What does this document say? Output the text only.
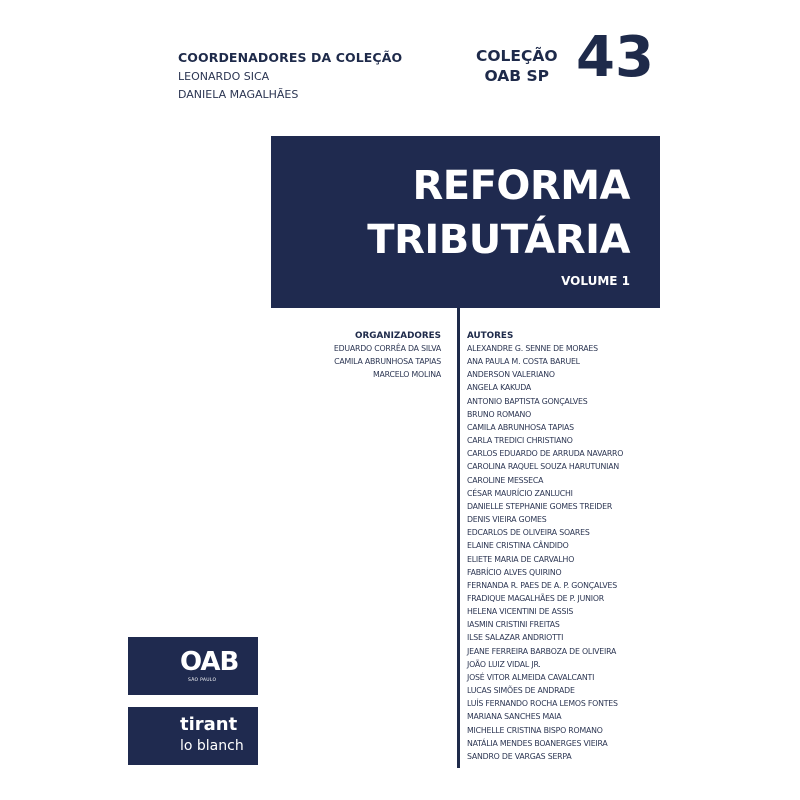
COORDENADORES DA COLEÇÃO
LEONARDO SICA
DANIELA MAGALHÃES
COLEÇÃO
OAB SP 43
REFORMA
TRIBUTÁRIA
VOLUME 1
ORGANIZADORES
EDUARDO CORRÊA DA SILVA
CAMILA ABRUNHOSA TAPIAS
MARCELO MOLINA
AUTORES
ALEXANDRE G. SENNE DE MORAES
ANA PAULA M. COSTA BARUEL
ANDERSON VALERIANO
ANGELA KAKUDA
ANTONIO BAPTISTA GONÇALVES
BRUNO ROMANO
CAMILA ABRUNHOSA TAPIAS
CARLA TREDICI CHRISTIANO
CARLOS EDUARDO DE ARRUDA NAVARRO
CAROLINA RAQUEL SOUZA HARUTUNIAN
CAROLINE MESSECA
CÉSAR MAURÍCIO ZANLUCHI
DANIELLE STEPHANIE GOMES TREIDER
DENIS VIEIRA GOMES
EDCARLOS DE OLIVEIRA SOARES
ELAINE CRISTINA CÂNDIDO
ELIETE MARIA DE CARVALHO
FABRÍCIO ALVES QUIRINO
FERNANDA R. PAES DE A. P. GONÇALVES
FRADIQUE MAGALHÃES DE P. JUNIOR
HELENA VICENTINI DE ASSIS
IASMIN CRISTINI FREITAS
ILSE SALAZAR ANDRIOTTI
JEANE FERREIRA BARBOZA DE OLIVEIRA
JOÃO LUIZ VIDAL JR.
JOSÉ VITOR ALMEIDA CAVALCANTI
LUCAS SIMÕES DE ANDRADE
LUÍS FERNANDO ROCHA LEMOS FONTES
MARIANA SANCHES MAIA
MICHELLE CRISTINA BISPO ROMANO
NATÁLIA MENDES BOANERGES VIEIRA
SANDRO DE VARGAS SERPA
OAB
SÃO PAULO
tirant
lo blanch
